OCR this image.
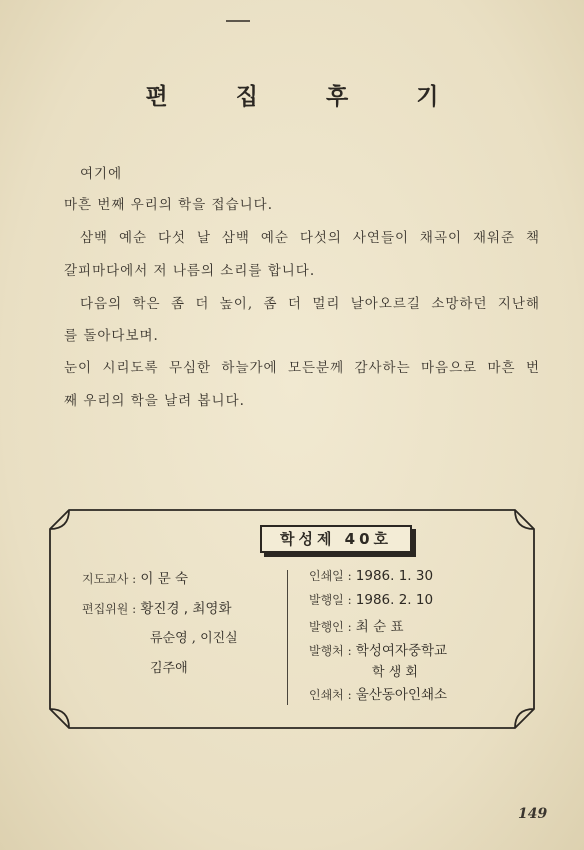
편 집 후 기
여기에
마흔 번째 우리의 학을 접습니다.
삼백 예순 다섯 날 삼백 예순 다섯의 사연들이 채곡이 재워준 책
갈피마다에서 저 나름의 소리를 합니다.
다음의 학은 좀 더 높이, 좀 더 멀리 날아오르길 소망하던 지난해
를 돌아다보며.
눈이 시리도록 무심한 하늘가에 모든분께 감사하는 마음으로 마흔 번
째 우리의 학을 날려 봅니다.
학성제 40호
지도교사 : 이 문 숙
편집위원 : 황진경 , 최영화
류순영 , 이진실
김주애
인쇄일 : 1986. 1. 30
발행일 : 1986. 2. 10
발행인 : 최 순 표
발행처 : 학성여자중학교
학 생 회
인쇄처 : 울산동아인쇄소
149
